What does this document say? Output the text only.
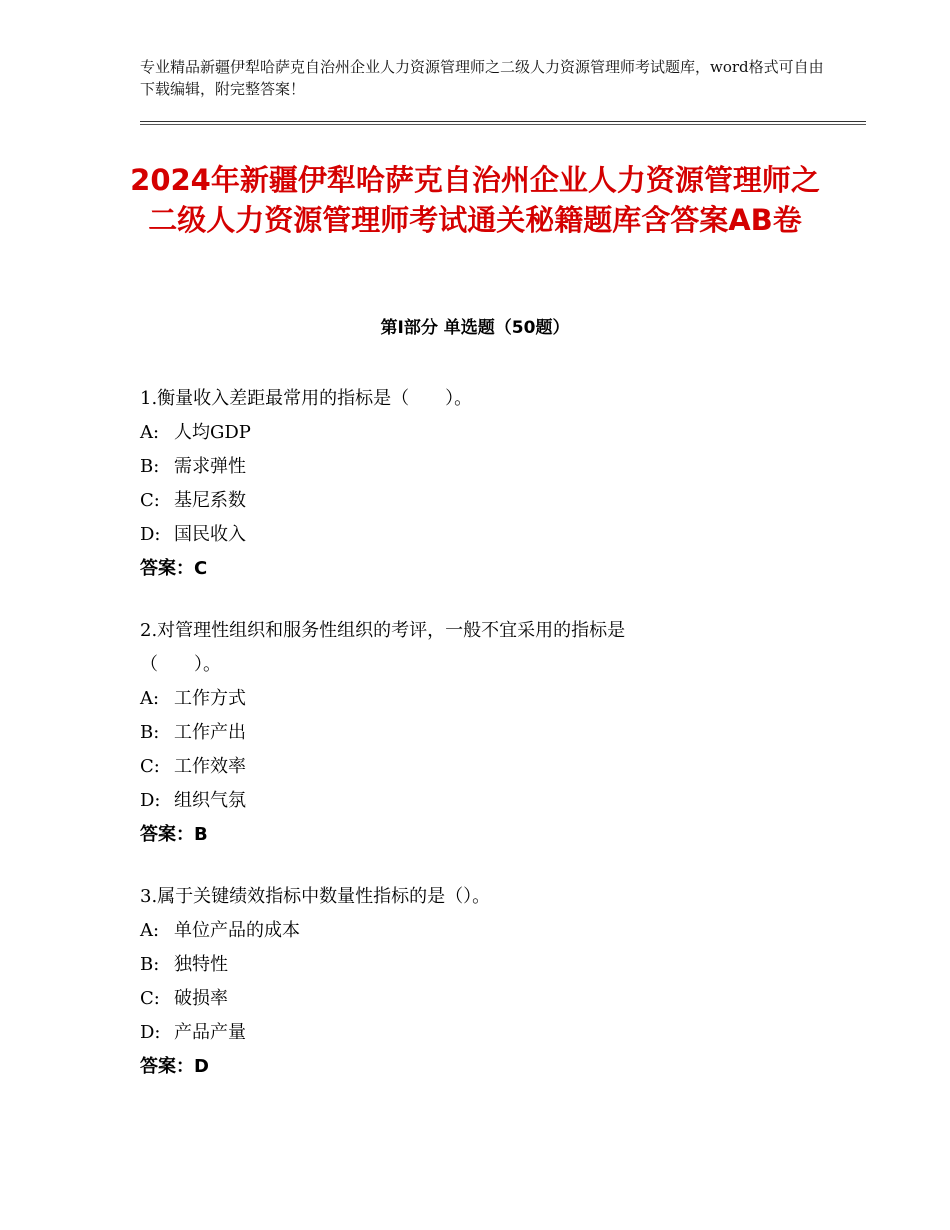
专业精品新疆伊犁哈萨克自治州企业人力资源管理师之二级人力资源管理师考试题库，word格式可自由下载编辑，附完整答案！
2024年新疆伊犁哈萨克自治州企业人力资源管理师之二级人力资源管理师考试通关秘籍题库含答案AB卷
第Ⅰ部分 单选题（50题）
1.衡量收入差距最常用的指标是（　　）。
A: 人均GDP
B: 需求弹性
C: 基尼系数
D: 国民收入
答案：C
2.对管理性组织和服务性组织的考评，一般不宜采用的指标是
（　　）。
A: 工作方式
B: 工作产出
C: 工作效率
D: 组织气氛
答案：B
3.属于关键绩效指标中数量性指标的是（）。
A: 单位产品的成本
B: 独特性
C: 破损率
D: 产品产量
答案：D
